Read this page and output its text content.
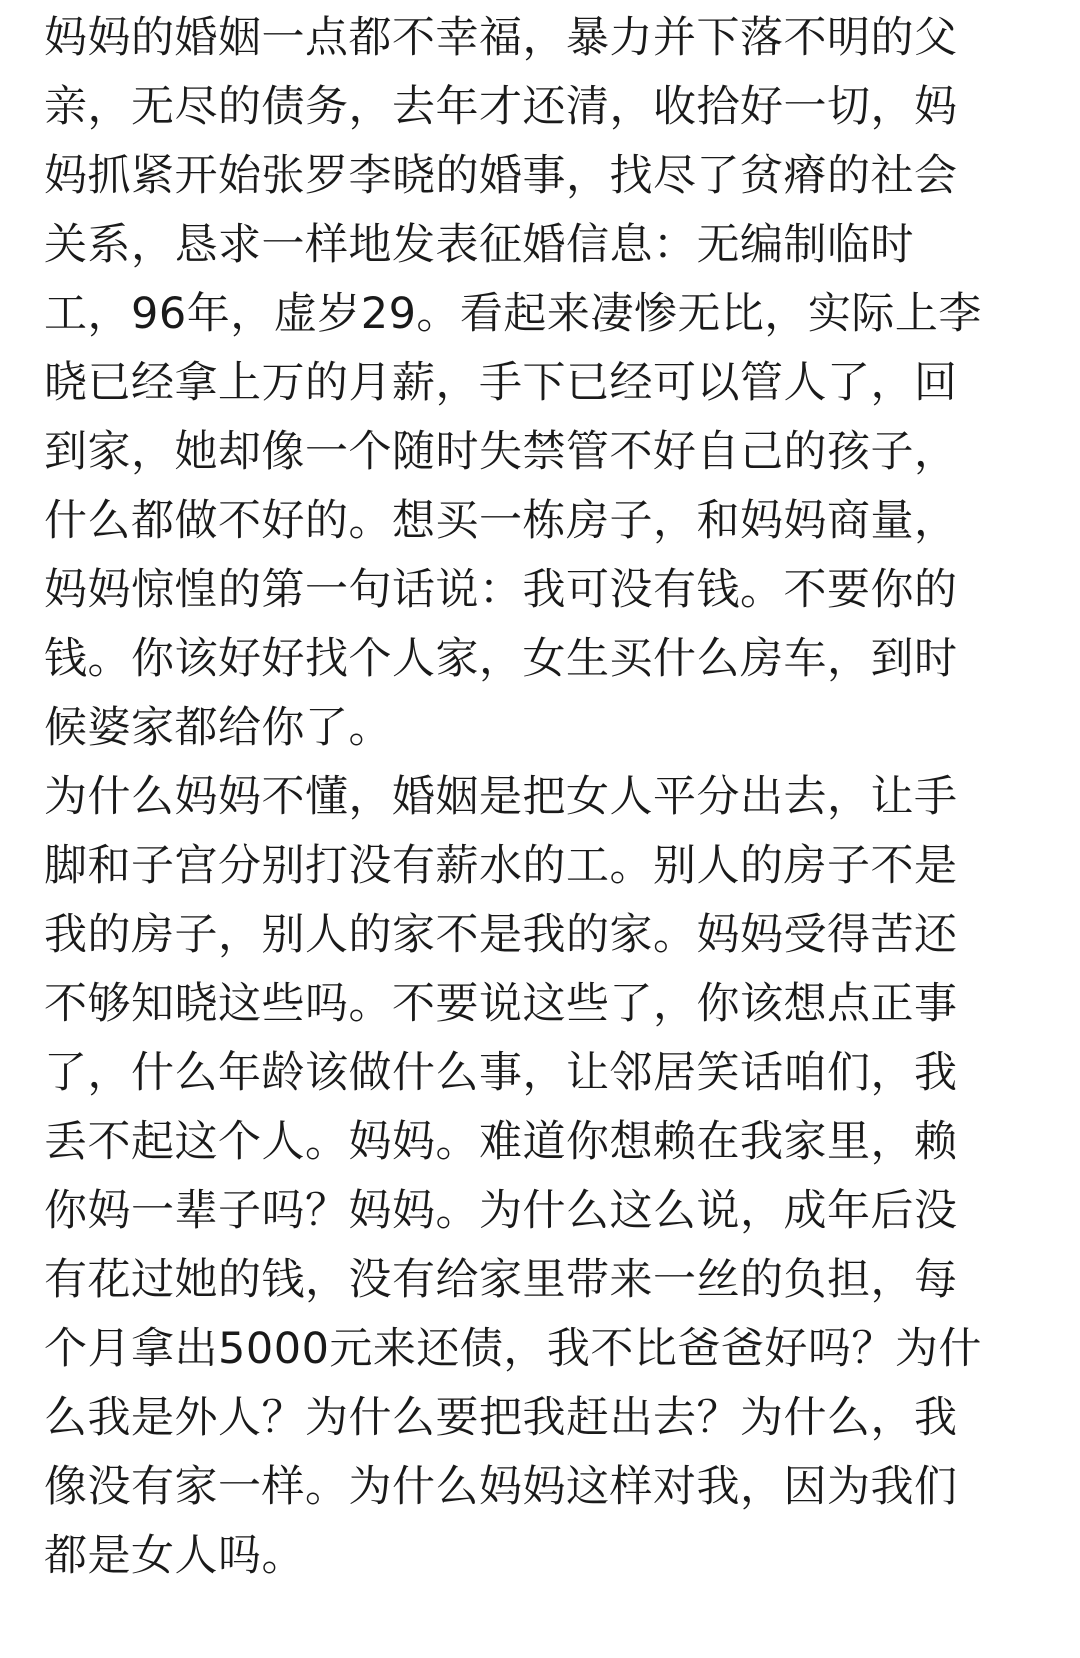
妈妈的婚姻一点都不幸福，暴力并下落不明的父
亲，无尽的债务，去年才还清，收拾好一切，妈
妈抓紧开始张罗李晓的婚事，找尽了贫瘠的社会
关系，恳求一样地发表征婚信息：无编制临时
工，96年，虚岁29。看起来凄惨无比，实际上李
晓已经拿上万的月薪，手下已经可以管人了，回
到家，她却像一个随时失禁管不好自己的孩子，
什么都做不好的。想买一栋房子，和妈妈商量，
妈妈惊惶的第一句话说：我可没有钱。不要你的
钱。你该好好找个人家，女生买什么房车，到时
候婆家都给你了。
为什么妈妈不懂，婚姻是把女人平分出去，让手
脚和子宫分别打没有薪水的工。别人的房子不是
我的房子，别人的家不是我的家。妈妈受得苦还
不够知晓这些吗。不要说这些了，你该想点正事
了，什么年龄该做什么事，让邻居笑话咱们，我
丢不起这个人。妈妈。难道你想赖在我家里，赖
你妈一辈子吗？妈妈。为什么这么说，成年后没
有花过她的钱，没有给家里带来一丝的负担，每
个月拿出5000元来还债，我不比爸爸好吗？为什
么我是外人？为什么要把我赶出去？为什么，我
像没有家一样。为什么妈妈这样对我，因为我们
都是女人吗。
